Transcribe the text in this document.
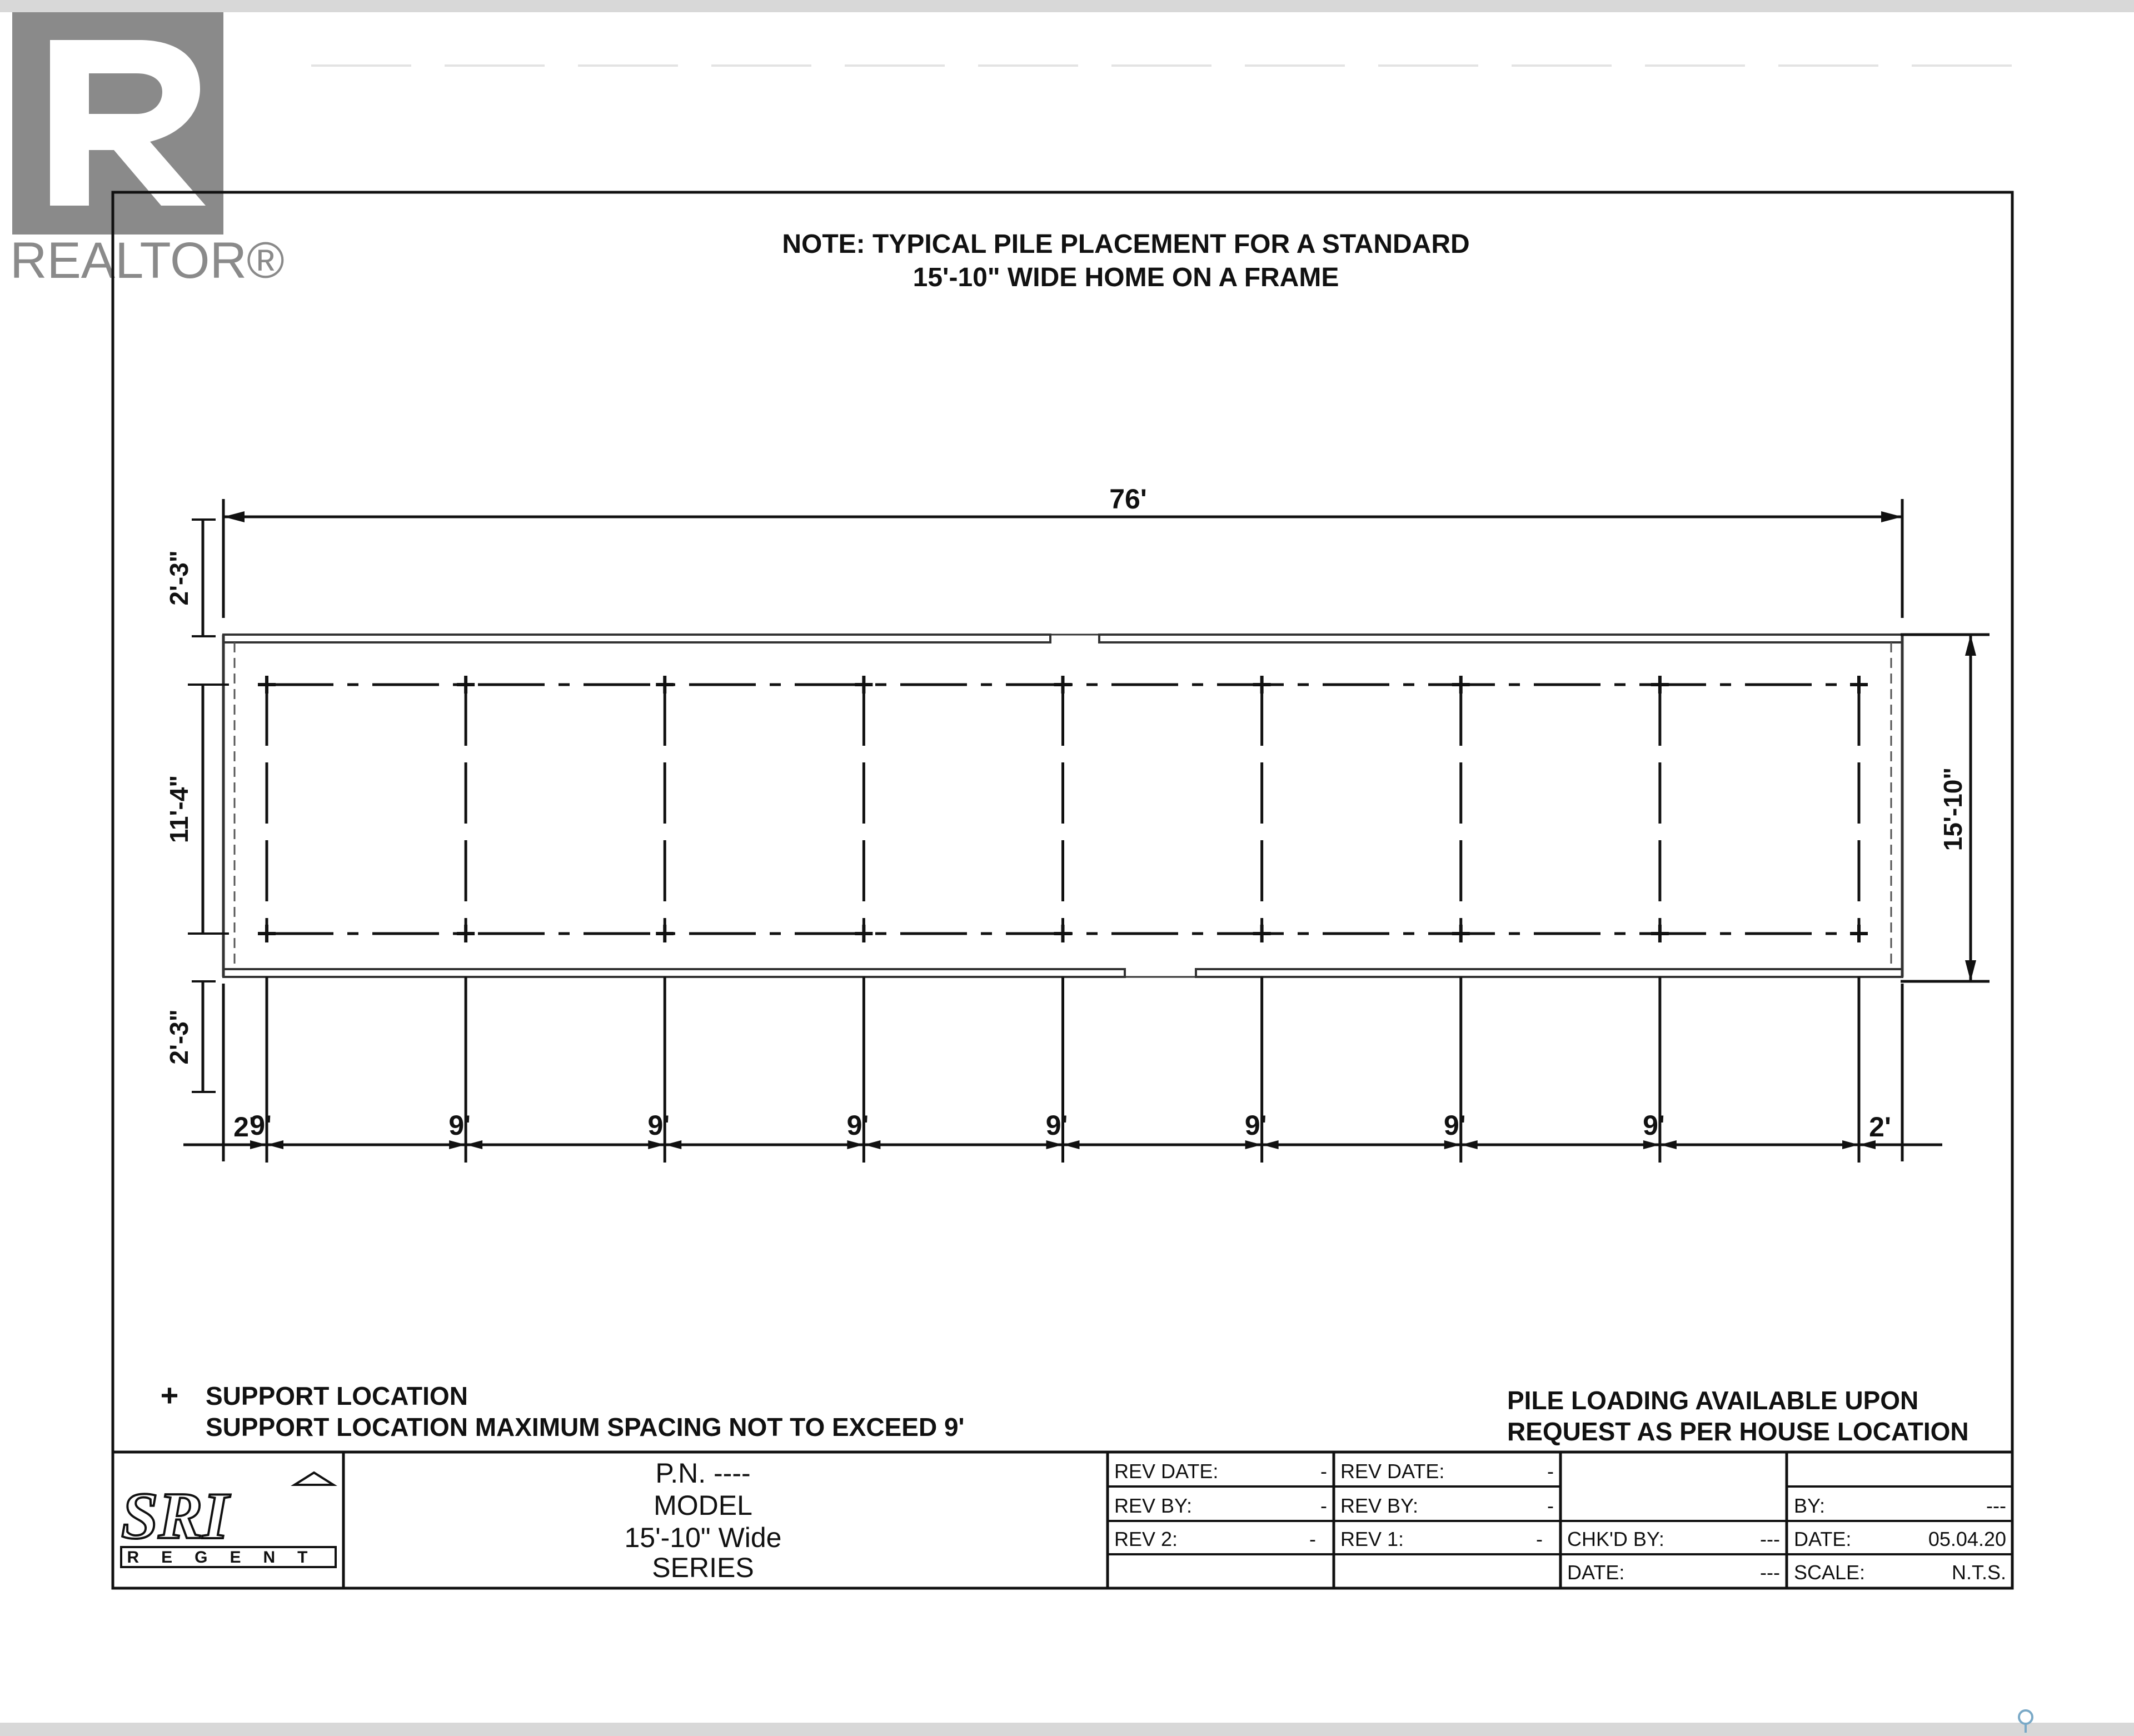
REALTOR®	NOTE: TYPICAL PILE PLACEMENT FOR A STANDARD
15'-10" WIDE HOME ON A FRAME
76'
2'-3"
9'	9'	9'	9'	9'	9'	9'	9'
11'-4"	15'-10"
2'-3"
2'	2'
+ SUPPORT LOCATION
SUPPORT LOCATION MAXIMUM SPACING NOT TO EXCEED 9'
PILE LOADING AVAILABLE UPON
REQUEST AS PER HOUSE LOCATION
SRI
REGENT
P.N. ----
MODEL
15'-10" Wide
SERIES
REV DATE:	- REV DATE:	-
REV BY:	- REV BY:	-
REV 2:	- REV 1:	-
BY:	---
CHK'D BY:	--- DATE:	05.04.20
DATE:	--- SCALE:	N.T.S.
